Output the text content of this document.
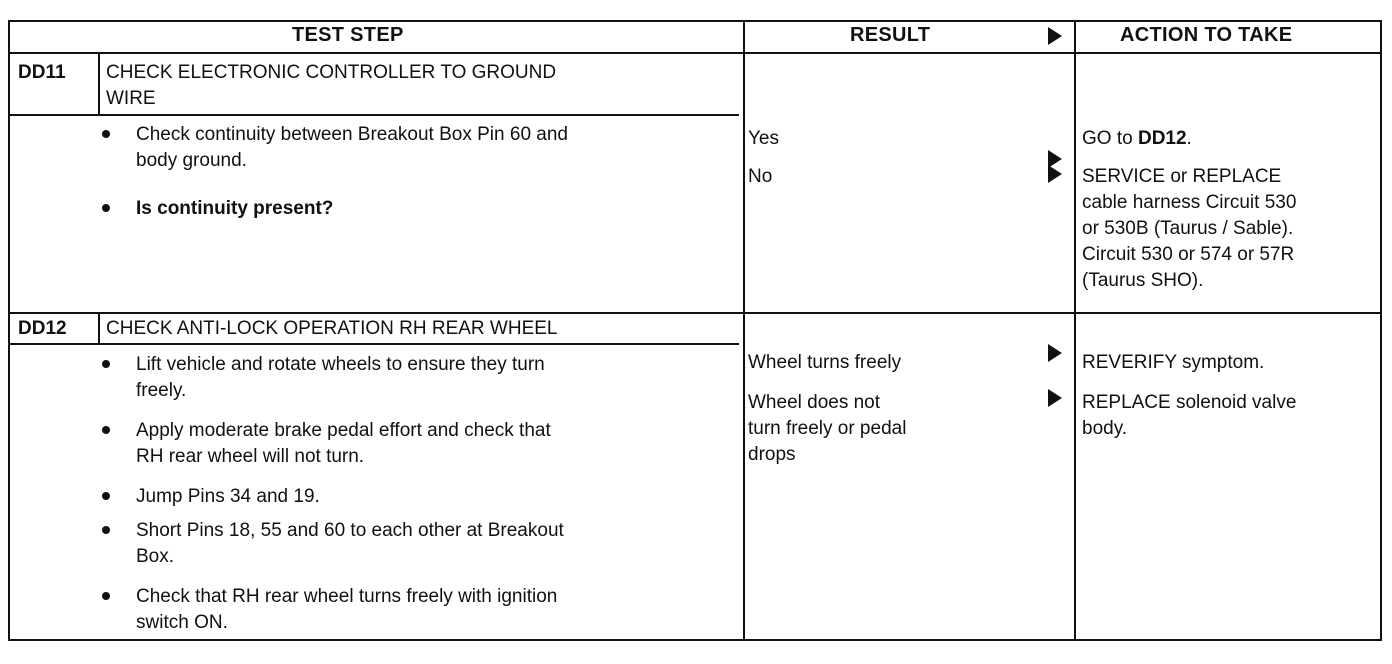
TEST STEP	RESULT	ACTION TO TAKE
DD11 CHECK ELECTRONIC CONTROLLER TO GROUND
WIRE
Check continuity between Breakout Box Pin 60 and
body ground.
Is continuity present?
Yes
No
GO to DD12.
SERVICE or REPLACE
cable harness Circuit 530
or 530B (Taurus / Sable).
Circuit 530 or 574 or 57R
(Taurus SHO).
DD12 CHECK ANTI-LOCK OPERATION RH REAR WHEEL
Lift vehicle and rotate wheels to ensure they turn
freely.
Apply moderate brake pedal effort and check that
RH rear wheel will not turn.
Jump Pins 34 and 19.
Short Pins 18, 55 and 60 to each other at Breakout
Box.
Check that RH rear wheel turns freely with ignition
switch ON.
Wheel turns freely
Wheel does not
turn freely or pedal
drops
REVERIFY symptom.
REPLACE solenoid valve
body.
